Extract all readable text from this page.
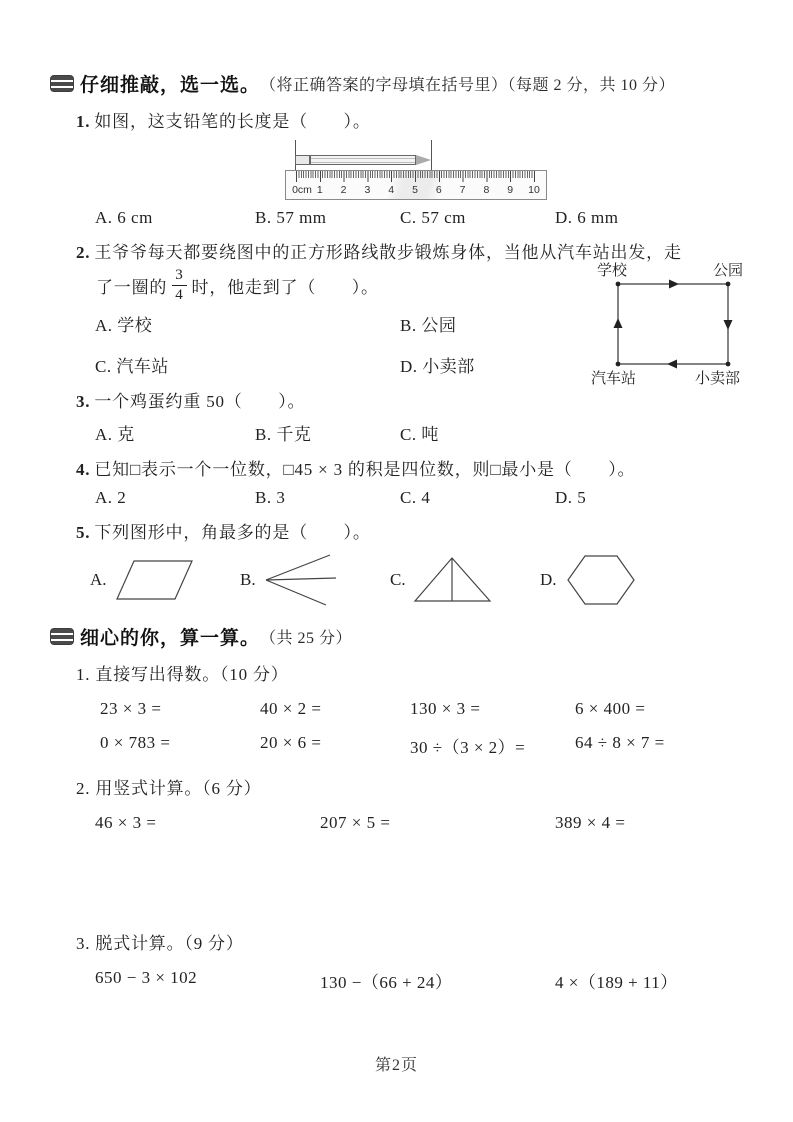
仔细推敲，选一选。 （将正确答案的字母填在括号里）（每题 2 分，共 10 分）
1. 如图，这支铅笔的长度是（　　）。
0cm 1 2 3 4 5 6 7 8 9 10
A. 6 cm	B. 57 mm	C. 57 cm	D. 6 mm
2. 王爷爷每天都要绕图中的正方形路线散步锻炼身体，当他从汽车站出发，走
了一圈的 $\frac{3}{4}$ 时，他走到了（　　）。
学校	公园
汽车站	小卖部
A. 学校	B. 公园
C. 汽车站	D. 小卖部
3. 一个鸡蛋约重 50（　　）。
A. 克	B. 千克	C. 吨
4. 已知□表示一个一位数，□45 × 3 的积是四位数，则□最小是（　　）。
A. 2	B. 3	C. 4	D. 5
5. 下列图形中，角最多的是（　　）。
A.	B.	C.	D.
细心的你，算一算。 （共 25 分）
1. 直接写出得数。（10 分）
23 × 3 =	40 × 2 =	130 × 3 =	6 × 400 =
0 × 783 =	20 × 6 =	30 ÷（3 × 2）=	64 ÷ 8 × 7 =
2. 用竖式计算。（6 分）
46 × 3 =	207 × 5 =	389 × 4 =
3. 脱式计算。（9 分）
650 − 3 × 102	130 −（66 + 24）	4 ×（189 + 11）
第2页
